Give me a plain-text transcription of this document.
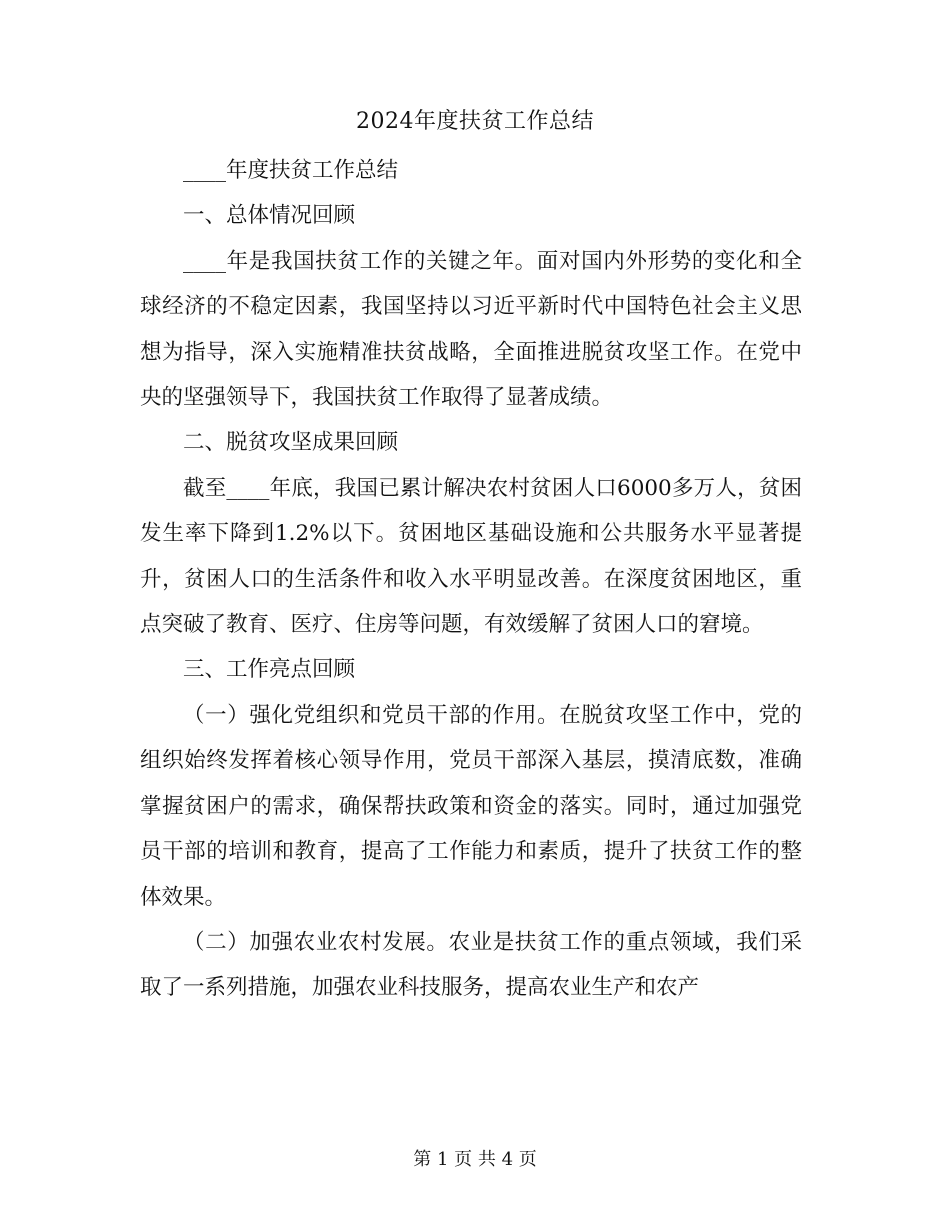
2024年度扶贫工作总结

____年度扶贫工作总结

一、总体情况回顾

____年是我国扶贫工作的关键之年。面对国内外形势的变化和全球经济的不稳定因素，我国坚持以习近平新时代中国特色社会主义思想为指导，深入实施精准扶贫战略，全面推进脱贫攻坚工作。在党中央的坚强领导下，我国扶贫工作取得了显著成绩。

二、脱贫攻坚成果回顾

截至____年底，我国已累计解决农村贫困人口6000多万人，贫困发生率下降到1.2%以下。贫困地区基础设施和公共服务水平显著提升，贫困人口的生活条件和收入水平明显改善。在深度贫困地区，重点突破了教育、医疗、住房等问题，有效缓解了贫困人口的窘境。

三、工作亮点回顾

（一）强化党组织和党员干部的作用。在脱贫攻坚工作中，党的组织始终发挥着核心领导作用，党员干部深入基层，摸清底数，准确掌握贫困户的需求，确保帮扶政策和资金的落实。同时，通过加强党员干部的培训和教育，提高了工作能力和素质，提升了扶贫工作的整体效果。

（二）加强农业农村发展。农业是扶贫工作的重点领域，我们采取了一系列措施，加强农业科技服务，提高农业生产和农产

第 1 页 共 4 页
